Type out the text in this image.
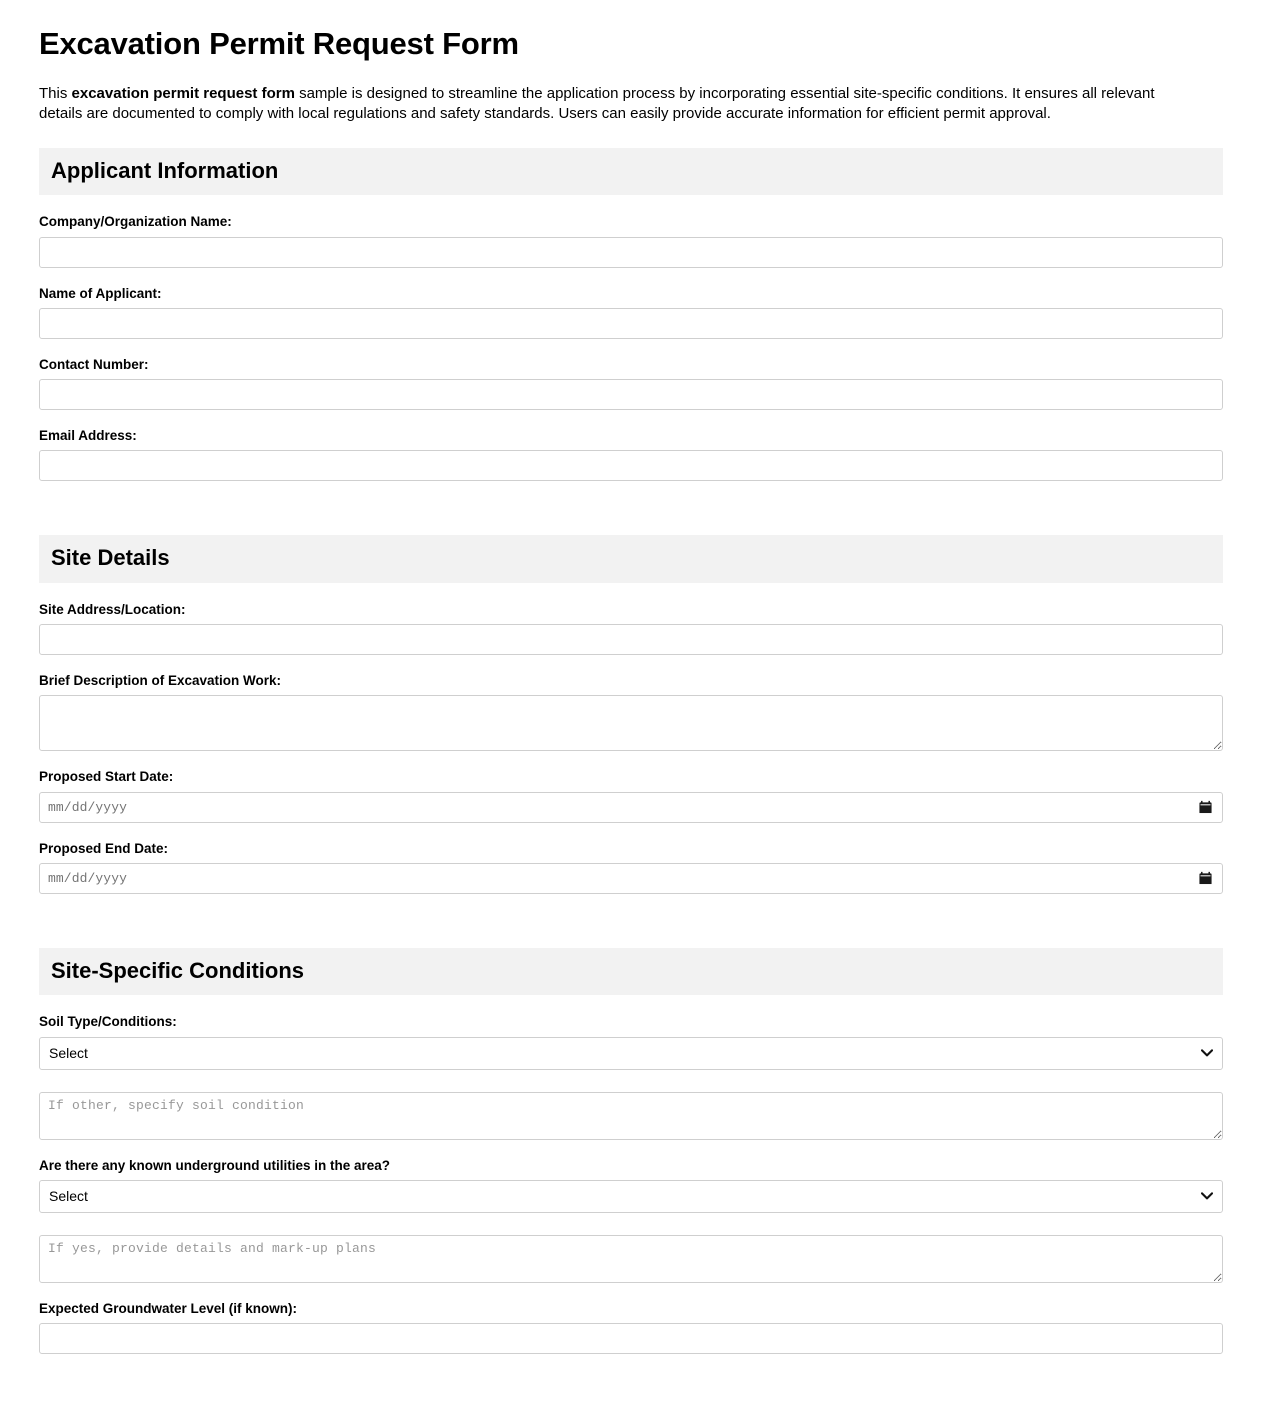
Excavation Permit Request Form

This excavation permit request form sample is designed to streamline the application process by incorporating essential site-specific conditions. It ensures all relevant details are documented to comply with local regulations and safety standards. Users can easily provide accurate information for efficient permit approval.

Applicant Information
Company/Organization Name:
Name of Applicant:
Contact Number:
Email Address:
Site Details
Site Address/Location:
Brief Description of Excavation Work:
Proposed Start Date:
mm/dd/yyyy
Proposed End Date:
mm/dd/yyyy
Site-Specific Conditions
Soil Type/Conditions:
Select
If other, specify soil condition
Are there any known underground utilities in the area?
Select
If yes, provide details and mark-up plans
Expected Groundwater Level (if known):
